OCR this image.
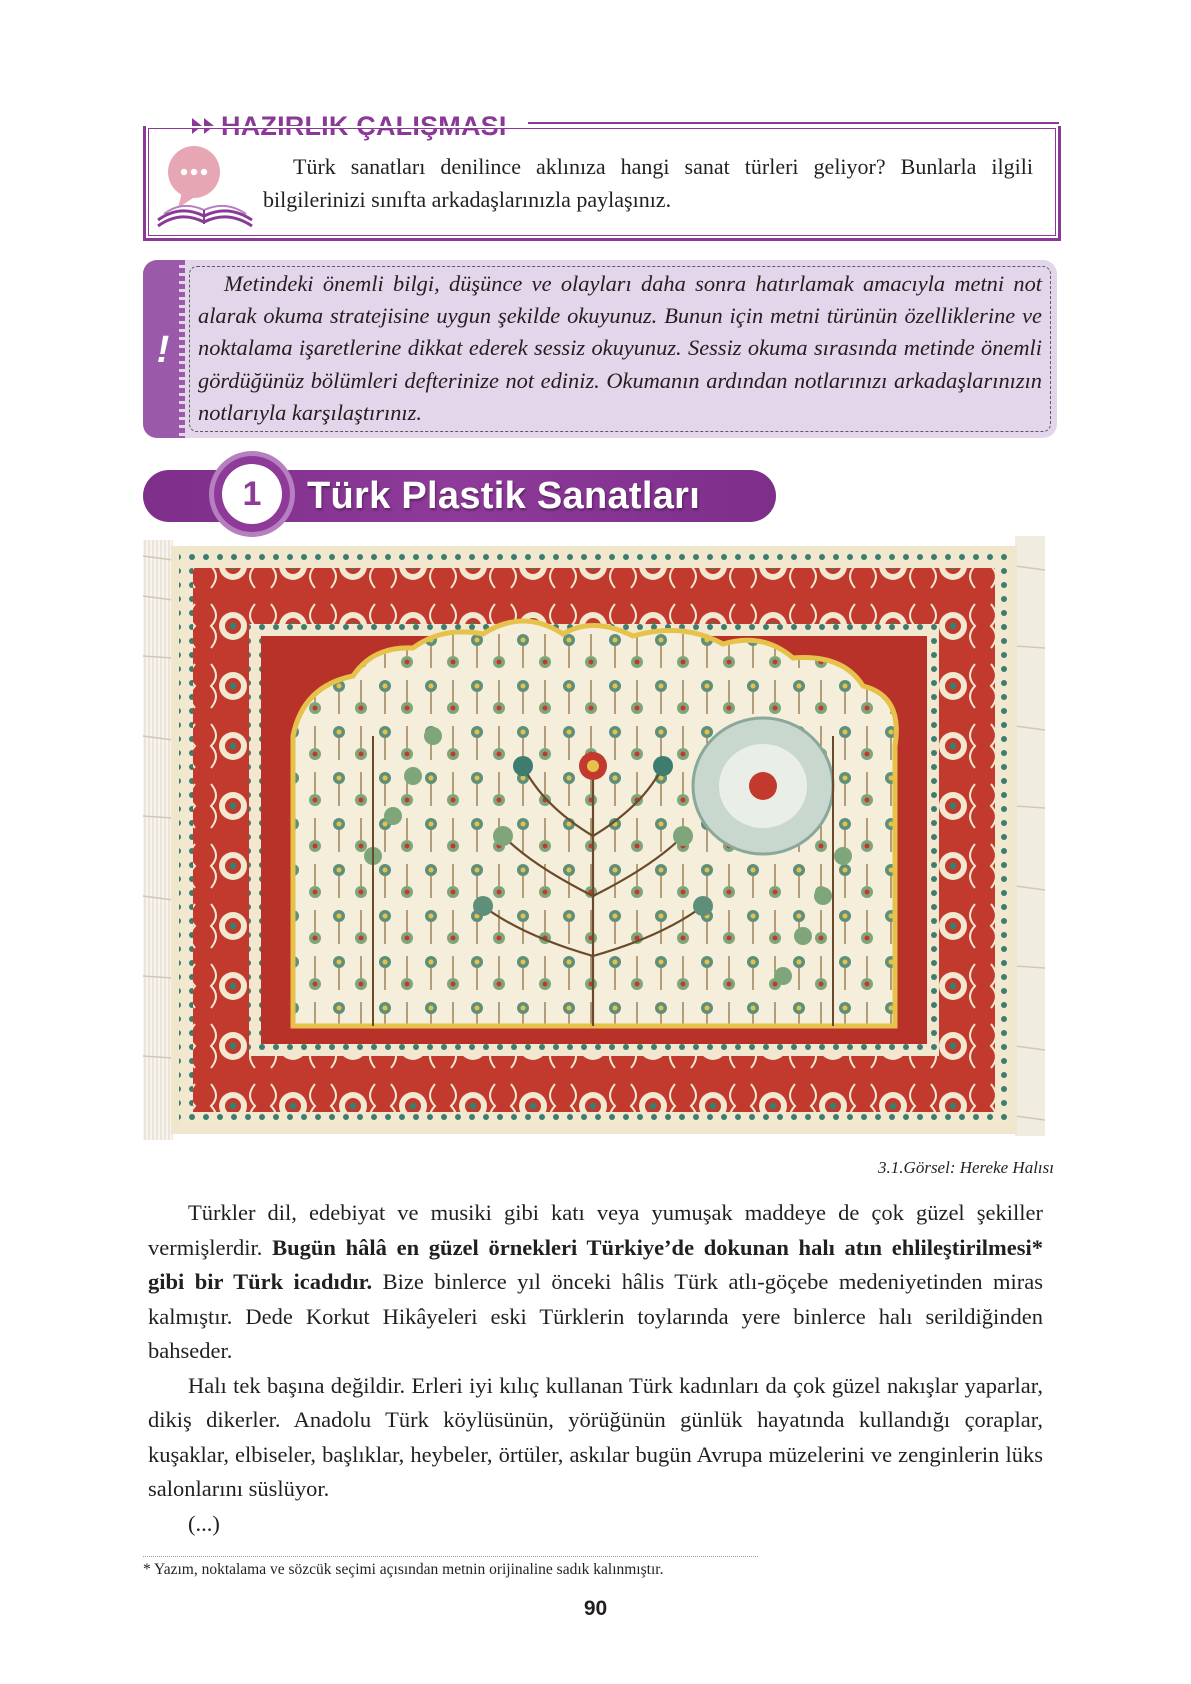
HAZIRLIK ÇALIŞMASI

Türk sanatları denilince aklınıza hangi sanat türleri geliyor? Bunlarla ilgili bilgilerinizi sınıfta arkadaşlarınızla paylaşınız.

!

Metindeki önemli bilgi, düşünce ve olayları daha sonra hatırlamak amacıyla metni not alarak okuma stratejisine uygun şekilde okuyunuz. Bunun için metni türünün özelliklerine ve noktalama işaretlerine dikkat ederek sessiz okuyunuz. Sessiz okuma sırasında metinde önemli gördüğünüz bölümleri defterinize not ediniz. Okumanın ardından notlarınızı arkadaşlarınızın notlarıyla karşılaştırınız.

1	Türk Plastik Sanatları
3.1.Görsel: Hereke Halısı

Türkler dil, edebiyat ve musiki gibi katı veya yumuşak maddeye de çok güzel şekiller vermişlerdir. Bugün hâlâ en güzel örnekleri Türkiye’de dokunan halı atın ehlileştirilmesi* gibi bir Türk icadıdır. Bize binlerce yıl önceki hâlis Türk atlı-göçebe medeniyetinden miras kalmıştır. Dede Korkut Hikâyeleri eski Türklerin toylarında yere binlerce halı serildiğinden bahseder.

Halı tek başına değildir. Erleri iyi kılıç kullanan Türk kadınları da çok güzel nakışlar yaparlar, dikiş dikerler. Anadolu Türk köylüsünün, yörüğünün günlük hayatında kullandığı çoraplar, kuşaklar, elbiseler, başlıklar, heybeler, örtüler, askılar bugün Avrupa müzelerini ve zenginlerin lüks salonlarını süslüyor.

(...)

* Yazım, noktalama ve sözcük seçimi açısından metnin orijinaline sadık kalınmıştır.
90
